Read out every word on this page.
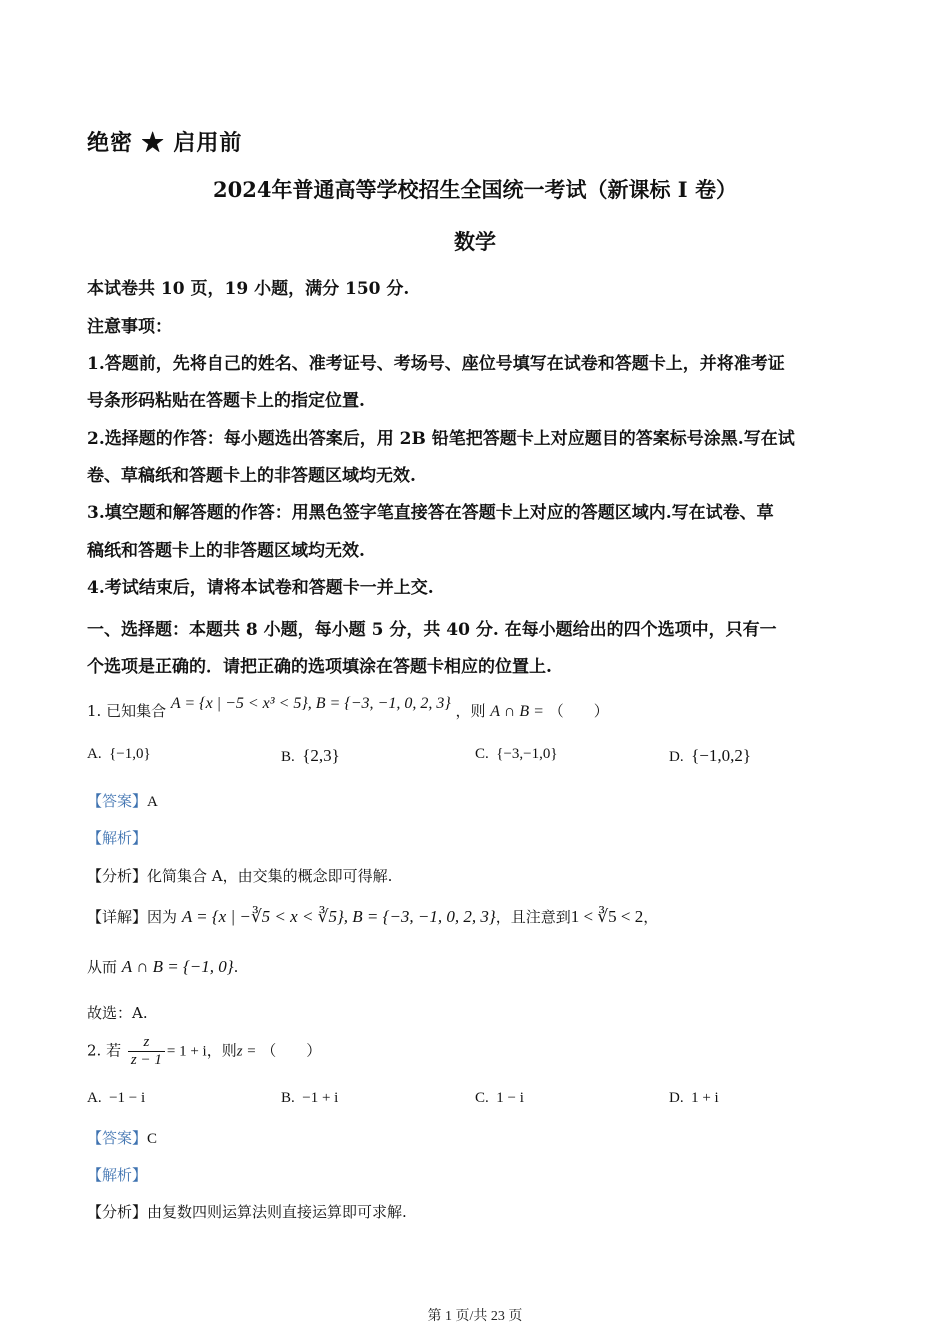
绝密 ★ 启用前
2024年普通高等学校招生全国统一考试（新课标 I 卷）
数学
本试卷共 10 页，19 小题，满分 150 分.
注意事项：
1.答题前，先将自己的姓名、准考证号、考场号、座位号填写在试卷和答题卡上，并将准考证
号条形码粘贴在答题卡上的指定位置.
2.选择题的作答：每小题选出答案后，用 2B 铅笔把答题卡上对应题目的答案标号涂黑.写在试
卷、草稿纸和答题卡上的非答题区域均无效.
3.填空题和解答题的作答：用黑色签字笔直接答在答题卡上对应的答题区域内.写在试卷、草
稿纸和答题卡上的非答题区域均无效.
4.考试结束后，请将本试卷和答题卡一并上交.
一、选择题：本题共 8 小题，每小题 5 分，共 40 分. 在每小题给出的四个选项中，只有一
个选项是正确的．请把正确的选项填涂在答题卡相应的位置上.
1. 已知集合 A = {x | −5 < x³ < 5}, B = {−3, −1, 0, 2, 3} ，则 A ∩ B = （　　）
A. {−1,0}	B. {2,3}	C. {−3,−1,0}	D. {−1,0,2}
【答案】A
【解析】
【分析】化简集合 A，由交集的概念即可得解.
【详解】因为 A = {x | −∛5 < x < ∛5}, B = {−3, −1, 0, 2, 3}，且注意到1 < ∛5 < 2，
从而 A ∩ B = {−1, 0}.
故选：A.
2. 若 $\frac{z}{z - 1} = 1 + i$，则z = （　　）
A. −1 − i	B. −1 + i	C. 1 − i	D. 1 + i
【答案】C
【解析】
【分析】由复数四则运算法则直接运算即可求解.
第 1 页/共 23 页
